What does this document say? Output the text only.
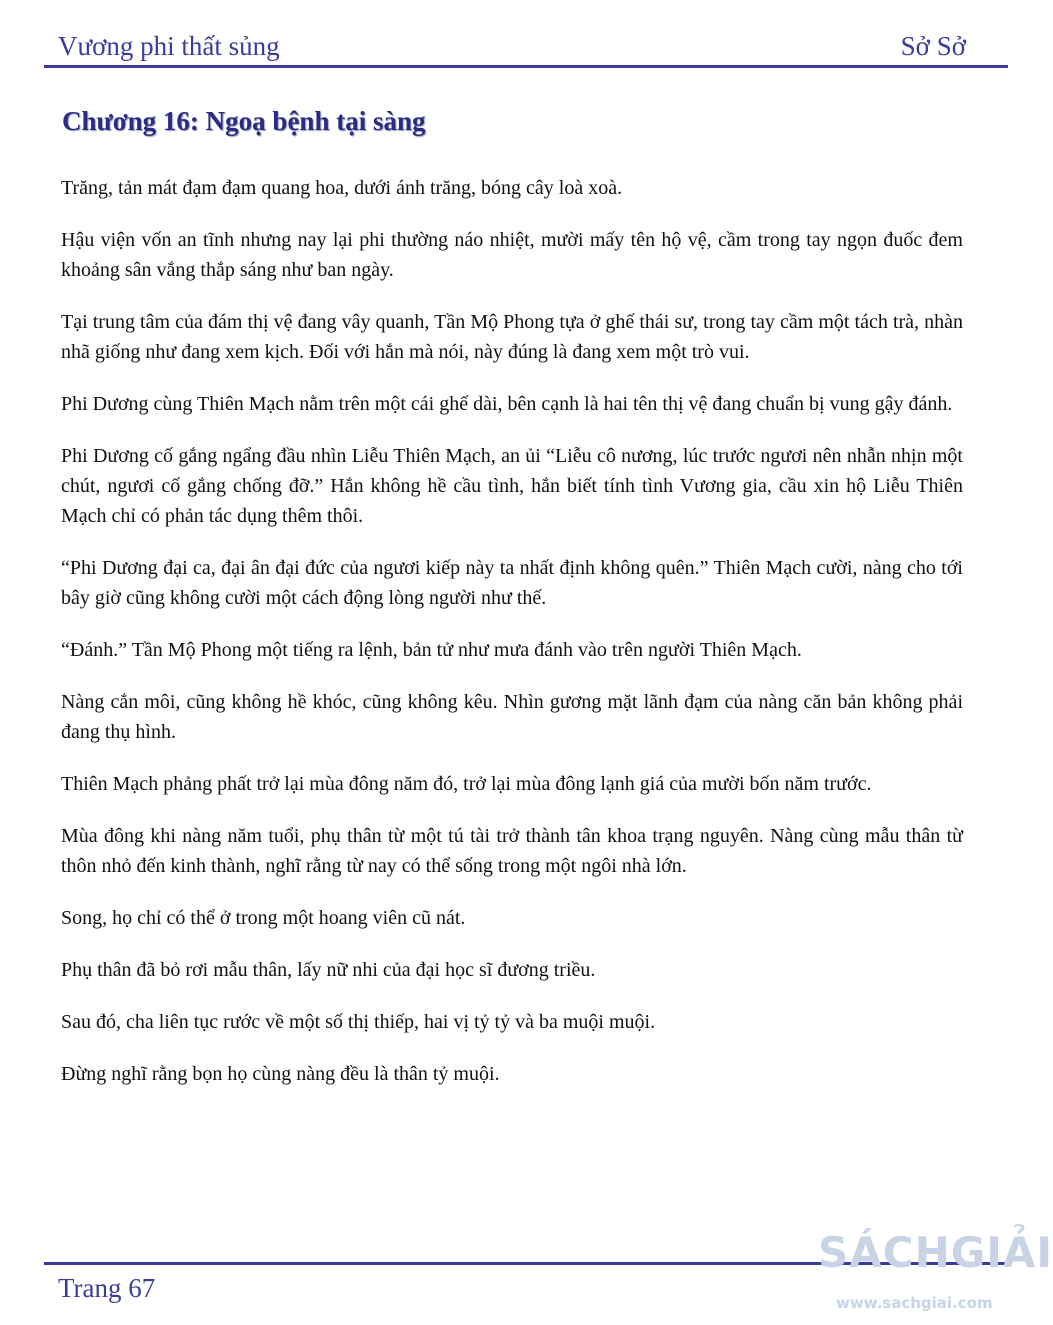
Vương phi thất sủng	Sở Sở
Chương 16: Ngoạ bệnh tại sàng

Trăng, tản mát đạm đạm quang hoa, dưới ánh trăng, bóng cây loà xoà.

Hậu viện vốn an tĩnh nhưng nay lại phi thường náo nhiệt, mười mấy tên hộ vệ, cầm trong tay ngọn đuốc đem khoảng sân vắng thắp sáng như ban ngày.

Tại trung tâm của đám thị vệ đang vây quanh, Tần Mộ Phong tựa ở ghế thái sư, trong tay cầm một tách trà, nhàn nhã giống như đang xem kịch. Đối với hắn mà nói, này đúng là đang xem một trò vui.

Phi Dương cùng Thiên Mạch nằm trên một cái ghế dài, bên cạnh là hai tên thị vệ đang chuẩn bị vung gậy đánh.

Phi Dương cố gắng ngẩng đầu nhìn Liễu Thiên Mạch, an ủi “Liễu cô nương, lúc trước ngươi nên nhẫn nhịn một chút, ngươi cố gắng chống đỡ.” Hắn không hề cầu tình, hắn biết tính tình Vương gia, cầu xin hộ Liễu Thiên Mạch chỉ có phản tác dụng thêm thôi.

“Phi Dương đại ca, đại ân đại đức của ngươi kiếp này ta nhất định không quên.” Thiên Mạch cười, nàng cho tới bây giờ cũng không cười một cách động lòng người như thế.

“Đánh.” Tần Mộ Phong một tiếng ra lệnh, bản tử như mưa đánh vào trên người Thiên Mạch.

Nàng cắn môi, cũng không hề khóc, cũng không kêu. Nhìn gương mặt lãnh đạm của nàng căn bản không phải đang thụ hình.

Thiên Mạch phảng phất trở lại mùa đông năm đó, trở lại mùa đông lạnh giá của mười bốn năm trước.

Mùa đông khi nàng năm tuổi, phụ thân từ một tú tài trở thành tân khoa trạng nguyên. Nàng cùng mẫu thân từ thôn nhỏ đến kinh thành, nghĩ rằng từ nay có thể sống trong một ngôi nhà lớn.

Song, họ chỉ có thể ở trong một hoang viên cũ nát.

Phụ thân đã bỏ rơi mẫu thân, lấy nữ nhi của đại học sĩ đương triều.

Sau đó, cha liên tục rước về một số thị thiếp, hai vị tỷ tỷ và ba muội muội.

Đừng nghĩ rằng bọn họ cùng nàng đều là thân tỷ muội.

Trang 67
SÁCHGIẢI
www.sachgiai.com
